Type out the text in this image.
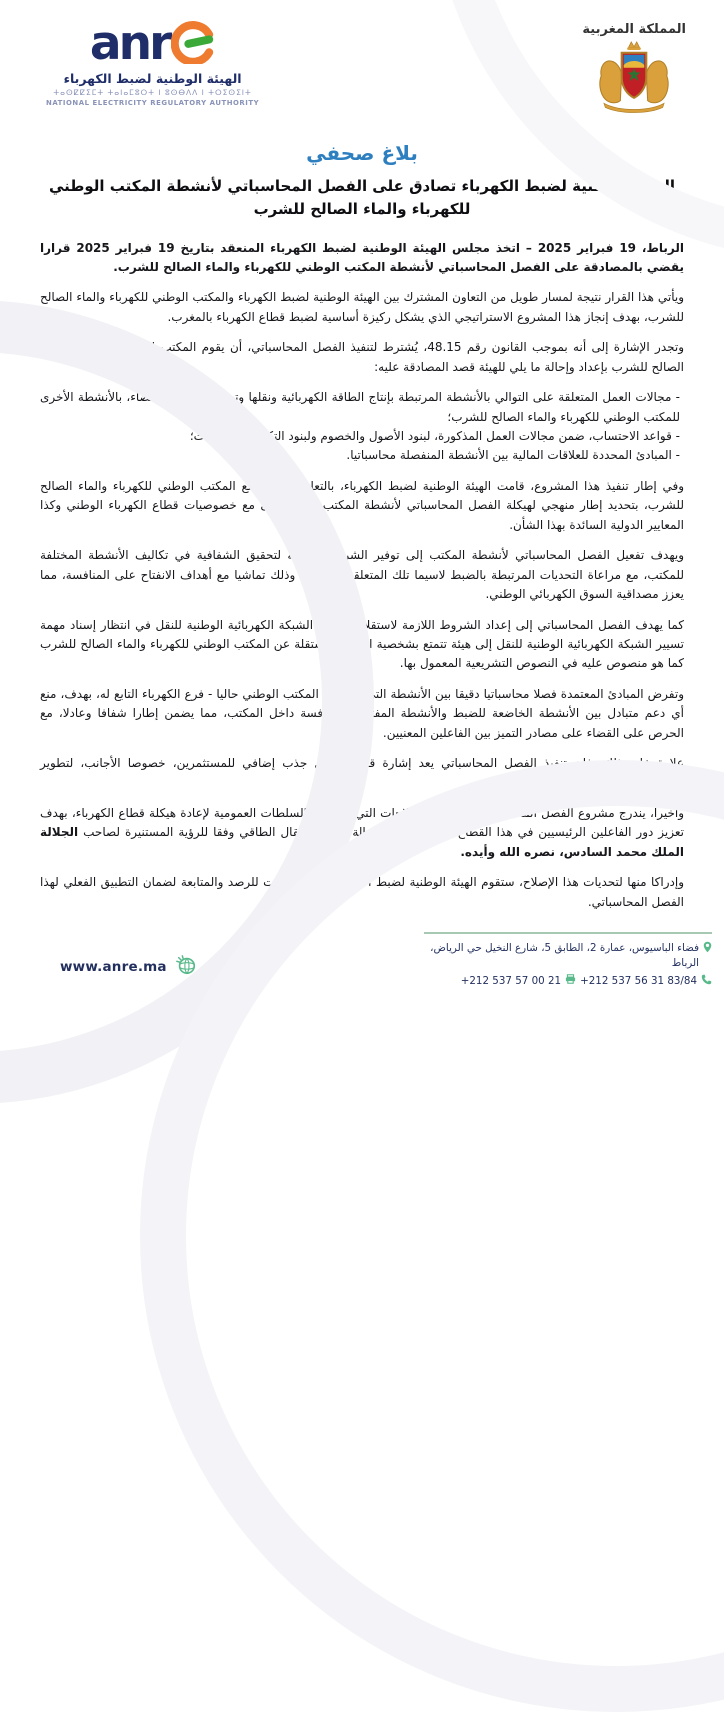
anr
الهيئة الوطنية لضبط الكهرباء
ⵜⴰⵙⵇⵇⵉⵎⵜ ⵜⴰⵏⴰⵎⵓⵔⵜ ⵏ ⵓⵙⴱⴷⴷ ⵏ ⵜⵔⵉⵙⵉⵏⵜ
NATIONAL ELECTRICITY REGULATORY AUTHORITY
المملكة المغربية
بلاغ صحفي
الهيئة الوطنية لضبط الكهرباء تصادق على الفصل المحاسباتي لأنشطة المكتب الوطني للكهرباء والماء الصالح للشرب

الرباط، 19 فبراير 2025 – اتخذ مجلس الهيئة الوطنية لضبط الكهرباء المنعقد بتاريخ 19 فبراير 2025 قرارا يقضي بالمصادقة على الفصل المحاسباتي لأنشطة المكتب الوطني للكهرباء والماء الصالح للشرب.

ويأتي هذا القرار نتيجة لمسار طويل من التعاون المشترك بين الهيئة الوطنية لضبط الكهرباء والمكتب الوطني للكهرباء والماء الصالح للشرب، بهدف إنجاز هذا المشروع الاستراتيجي الذي يشكل ركيزة أساسية لضبط قطاع الكهرباء بالمغرب.

وتجدر الإشارة إلى أنه بموجب القانون رقم 48.15، يُشترط لتنفيذ الفصل المحاسباتي، أن يقوم المكتب الوطني للكهرباء والماء الصالح للشرب بإعداد وإحالة ما يلي للهيئة قصد المصادقة عليه:

- مجالات العمل المتعلقة على التوالي بالأنشطة المرتبطة بإنتاج الطاقة الكهربائية ونقلها وتوزيعها، وعند الاقتضاء، بالأنشطة الأخرى للمكتب الوطني للكهرباء والماء الصالح للشرب؛
- قواعد الاحتساب، ضمن مجالات العمل المذكورة، لبنود الأصول والخصوم ولبنود التكاليف والعائدات؛
- المبادئ المحددة للعلاقات المالية بين الأنشطة المنفصلة محاسباتيا.

وفي إطار تنفيذ هذا المشروع، قامت الهيئة الوطنية لضبط الكهرباء، بالتعاون الوثيق مع المكتب الوطني للكهرباء والماء الصالح للشرب، بتحديد إطار منهجي لهيكلة الفصل المحاسباتي لأنشطة المكتب بما يتماشى مع خصوصيات قطاع الكهرباء الوطني وكذا المعايير الدولية السائدة بهذا الشأن.

ويهدف تفعيل الفصل المحاسباتي لأنشطة المكتب إلى توفير الشروط اللازمة لتحقيق الشفافية في تكاليف الأنشطة المختلفة للمكتب، مع مراعاة التحديات المرتبطة بالضبط لاسيما تلك المتعلقة بالتعريفة وذلك تماشيا مع أهداف الانفتاح على المنافسة، مما يعزز مصداقية السوق الكهربائي الوطني.

كما يهدف الفصل المحاسباتي إلى إعداد الشروط اللازمة لاستقلالية مسير الشبكة الكهربائية الوطنية للنقل في انتظار إسناد مهمة تسيير الشبكة الكهربائية الوطنية للنقل إلى هيئة تتمتع بشخصية اعتبارية مستقلة عن المكتب الوطني للكهرباء والماء الصالح للشرب كما هو منصوص عليه في النصوص التشريعية المعمول بها.

وتفرض المبادئ المعتمدة فصلا محاسباتيا دقيقا بين الأنشطة التي يمارسها المكتب الوطني حاليا - فرع الكهرباء التابع له، بهدف، منع أي دعم متبادل بين الأنشطة الخاضعة للضبط والأنشطة المفتوحة للمنافسة داخل المكتب، مما يضمن إطارا شفافا وعادلا، مع الحرص على القضاء على مصادر التميز بين الفاعلين المعنيين.

علاوة على ذلك، فإن تنفيذ الفصل المحاسباتي يعد إشارة قوية وعامل جذب إضافي للمستثمرين، خصوصا الأجانب، لتطوير مشاريعهم في المغرب.

وأخيرا، يندرج مشروع الفصل المحاسباتي في إطار الإصلاحات التي تقوم بها السلطات العمومية لإعادة هيكلة قطاع الكهرباء، بهدف تعزيز دور الفاعلين الرئيسيين في هذا القطاع وجعلهم أدوات فعالة لنجاح الانتقال الطاقي وفقا للرؤية المستنيرة لصاحب الجلالة الملك محمد السادس، نصره الله وأيده.

وإدراكا منها لتحديات هذا الإصلاح، ستقوم الهيئة الوطنية لضبط الكهرباء بإحداث آليات للرصد والمتابعة لضمان التطبيق الفعلي لهذا الفصل المحاسباتي.

فضاء الباسيوس، عمارة 2، الطابق 5، شارع النخيل حي الرياض، الرباط
+212 537 57 00 21 +212 537 56 31 83/84
www.anre.ma
